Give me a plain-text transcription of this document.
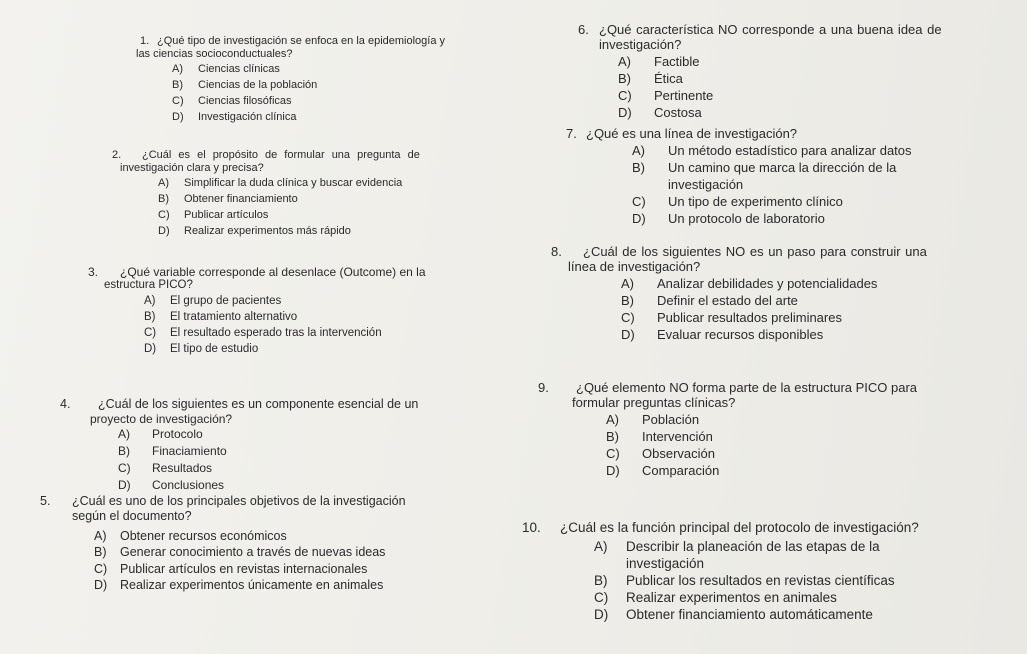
1. ¿Qué tipo de investigación se enfoca en la epidemiología y

las ciencias socioconductuales?

A)	Ciencias clínicas
B)	Ciencias de la población
C)	Ciencias filosóficas
D)	Investigación clínica

2. ¿Cuál es el propósito de formular una pregunta de

investigación clara y precisa?

A)	Simplificar la duda clínica y buscar evidencia
B)	Obtener financiamiento
C)	Publicar artículos
D)	Realizar experimentos más rápido

3. ¿Qué variable corresponde al desenlace (Outcome) en la

estructura PICO?

A)	El grupo de pacientes
B)	El tratamiento alternativo
C)	El resultado esperado tras la intervención
D)	El tipo de estudio

4. ¿Cuál de los siguientes es un componente esencial de un

proyecto de investigación?

A)	Protocolo
B)	Finaciamiento
C)	Resultados
D)	Conclusiones

5. ¿Cuál es uno de los principales objetivos de la investigación

según el documento?

A)	Obtener recursos económicos
B)	Generar conocimiento a través de nuevas ideas
C)	Publicar artículos en revistas internacionales
D)	Realizar experimentos únicamente en animales

6. ¿Qué característica NO corresponde a una buena idea de

investigación?

A)	Factible
B)	Ética
C)	Pertinente
D)	Costosa

7. ¿Qué es una línea de investigación?

A)	Un método estadístico para analizar datos
B)	Un camino que marca la dirección de la
investigación
C)	Un tipo de experimento clínico
D)	Un protocolo de laboratorio

8. ¿Cuál de los siguientes NO es un paso para construir una

línea de investigación?

A)	Analizar debilidades y potencialidades
B)	Definir el estado del arte
C)	Publicar resultados preliminares
D)	Evaluar recursos disponibles

9. ¿Qué elemento NO forma parte de la estructura PICO para

formular preguntas clínicas?

A)	Población
B)	Intervención
C)	Observación
D)	Comparación

10. ¿Cuál es la función principal del protocolo de investigación?

A)	Describir la planeación de las etapas de la
investigación
B)	Publicar los resultados en revistas científicas
C)	Realizar experimentos en animales
D)	Obtener financiamiento automáticamente
